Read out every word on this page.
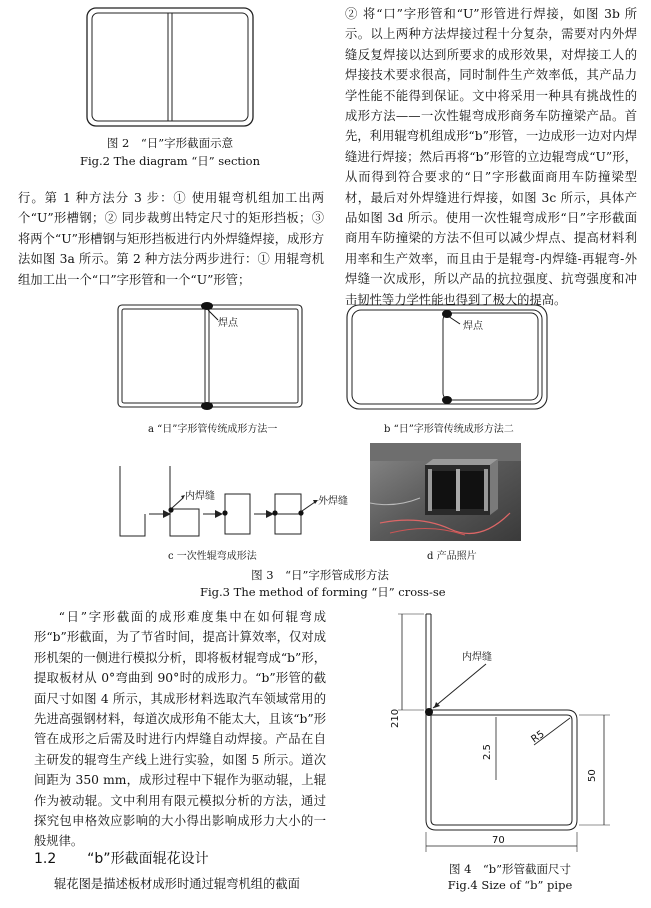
图 2　“日”字形截面示意
Fig.2 The diagram “日” section

行。第 1 种方法分 3 步：① 使用辊弯机组加工出两个“U”形槽钢；② 同步裁剪出特定尺寸的矩形挡板；③ 将两个“U”形槽钢与矩形挡板进行内外焊缝焊接，成形方法如图 3a 所示。第 2 种方法分两步进行：① 用辊弯机组加工出一个“口”字形管和一个“U”形管；

② 将“口”字形管和“U”形管进行焊接，如图 3b 所示。以上两种方法焊接过程十分复杂，需要对内外焊缝反复焊接以达到所要求的成形效果，对焊接工人的焊接技术要求很高，同时制件生产效率低，其产品力学性能不能得到保证。文中将采用一种具有挑战性的成形方法——一次性辊弯成形商务车防撞梁产品。首先，利用辊弯机组成形“b”形管，一边成形一边对内焊缝进行焊接；然后再将“b”形管的立边辊弯成“U”形，从而得到符合要求的“日”字形截面商用车防撞梁型材，最后对外焊缝进行焊接，如图 3c 所示，具体产品如图 3d 所示。使用一次性辊弯成形“日”字形截面商用车防撞梁的方法不但可以减少焊点、提高材料利用率和生产效率，而且由于是辊弯-内焊缝-再辊弯-外焊缝一次成形，所以产品的抗拉强度、抗弯强度和冲击韧性等力学性能也得到了极大的提高。

焊点
a “日”字形管传统成形方法一
焊点
b “日”字形管传统成形方法二
内焊缝	外焊缝
c 一次性辊弯成形法	d 产品照片
图 3　“日”字形管成形方法
Fig.3 The method of forming “日” cross-se

“日”字形截面的成形难度集中在如何辊弯成形“b”形截面，为了节省时间，提高计算效率，仅对成形机架的一侧进行模拟分析，即将板材辊弯成“b”形，提取板材从 0°弯曲到 90°时的成形力。“b”形管的截面尺寸如图 4 所示，其成形材料选取汽车领域常用的先进高强钢材料，每道次成形角不能太大，且该“b”形管在成形之后需及时进行内焊缝自动焊接。产品在自主研发的辊弯生产线上进行实验，如图 5 所示。道次间距为 350 mm，成形过程中下辊作为驱动辊，上辊作为被动辊。文中利用有限元模拟分析的方法，通过探究包申格效应影响的大小得出影响成形力大小的一般规律。

1.2 “b”形截面辊花设计

辊花图是描述板材成形时通过辊弯机组的截面

内焊缝
210
2.5
R5
50
70
图 4　“b”形管截面尺寸
Fig.4 Size of “b” pipe
